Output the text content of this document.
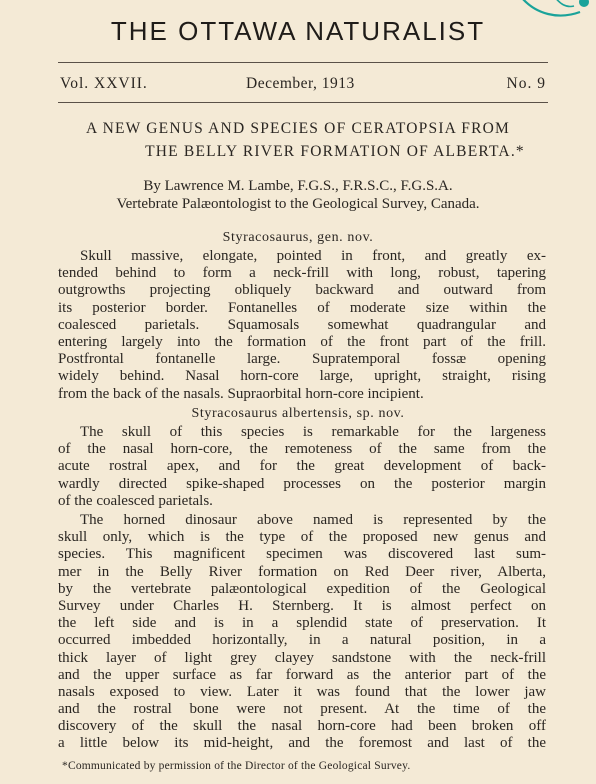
THE OTTAWA NATURALIST
Vol. XXVII.	December, 1913	No. 9
A NEW GENUS AND SPECIES OF CERATOPSIA FROM
THE BELLY RIVER FORMATION OF ALBERTA.*
By Lawrence M. Lambe, F.G.S., F.R.S.C., F.G.S.A.
Vertebrate Palæontologist to the Geological Survey, Canada.
Styracosaurus, gen. nov.
Skull massive, elongate, pointed in front, and greatly ex-
tended behind to form a neck-frill with long, robust, tapering
outgrowths projecting obliquely backward and outward from
its posterior border. Fontanelles of moderate size within the
coalesced parietals. Squamosals somewhat quadrangular and
entering largely into the formation of the front part of the frill.
Postfrontal fontanelle large. Supratemporal fossæ opening
widely behind. Nasal horn-core large, upright, straight, rising
from the back of the nasals. Supraorbital horn-core incipient.
Styracosaurus albertensis, sp. nov.
The skull of this species is remarkable for the largeness
of the nasal horn-core, the remoteness of the same from the
acute rostral apex, and for the great development of back-
wardly directed spike-shaped processes on the posterior margin
of the coalesced parietals.
The horned dinosaur above named is represented by the
skull only, which is the type of the proposed new genus and
species. This magnificent specimen was discovered last sum-
mer in the Belly River formation on Red Deer river, Alberta,
by the vertebrate palæontological expedition of the Geological
Survey under Charles H. Sternberg. It is almost perfect on
the left side and is in a splendid state of preservation. It
occurred imbedded horizontally, in a natural position, in a
thick layer of light grey clayey sandstone with the neck-frill
and the upper surface as far forward as the anterior part of the
nasals exposed to view. Later it was found that the lower jaw
and the rostral bone were not present. At the time of the
discovery of the skull the nasal horn-core had been broken off
a little below its mid-height, and the foremost and last of the
*Communicated by permission of the Director of the Geological Survey.
